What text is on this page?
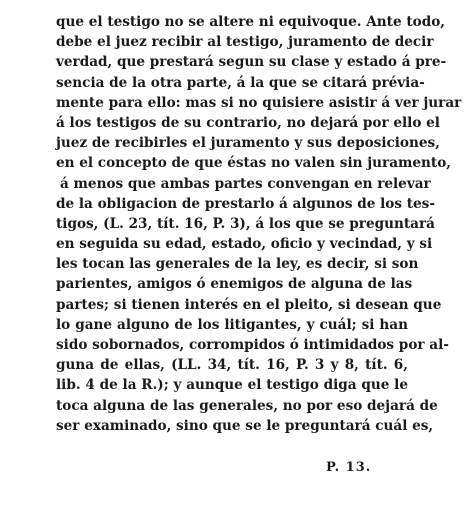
que el testigo no se altere ni equivoque. Ante todo,
debe el juez recibir al testigo, juramento de decir
verdad, que prestará segun su clase y estado á pre-
sencia de la otra parte, á la que se citará prévia-
mente para ello: mas si no quisiere asistir á ver jurar
á los testigos de su contrario, no dejará por ello el
juez de recibirles el juramento y sus deposiciones,
en el concepto de que éstas no valen sin juramento,
á menos que ambas partes convengan en relevar
de la obligacion de prestarlo á algunos de los tes-
tigos, (L. 23, tít. 16, P. 3), á los que se preguntará
en seguida su edad, estado, oficio y vecindad, y si
les tocan las generales de la ley, es decir, si son
parientes, amigos ó enemigos de alguna de las
partes; si tienen interés en el pleito, si desean que
lo gane alguno de los litigantes, y cuál; si han
sido sobornados, corrompidos ó intimidados por al-
guna de ellas, (LL. 34, tít. 16, P. 3 y 8, tít. 6,
lib. 4 de la R.); y aunque el testigo diga que le
toca alguna de las generales, no por eso dejará de
ser examinado, sino que se le preguntará cuál es,
P. 13.
